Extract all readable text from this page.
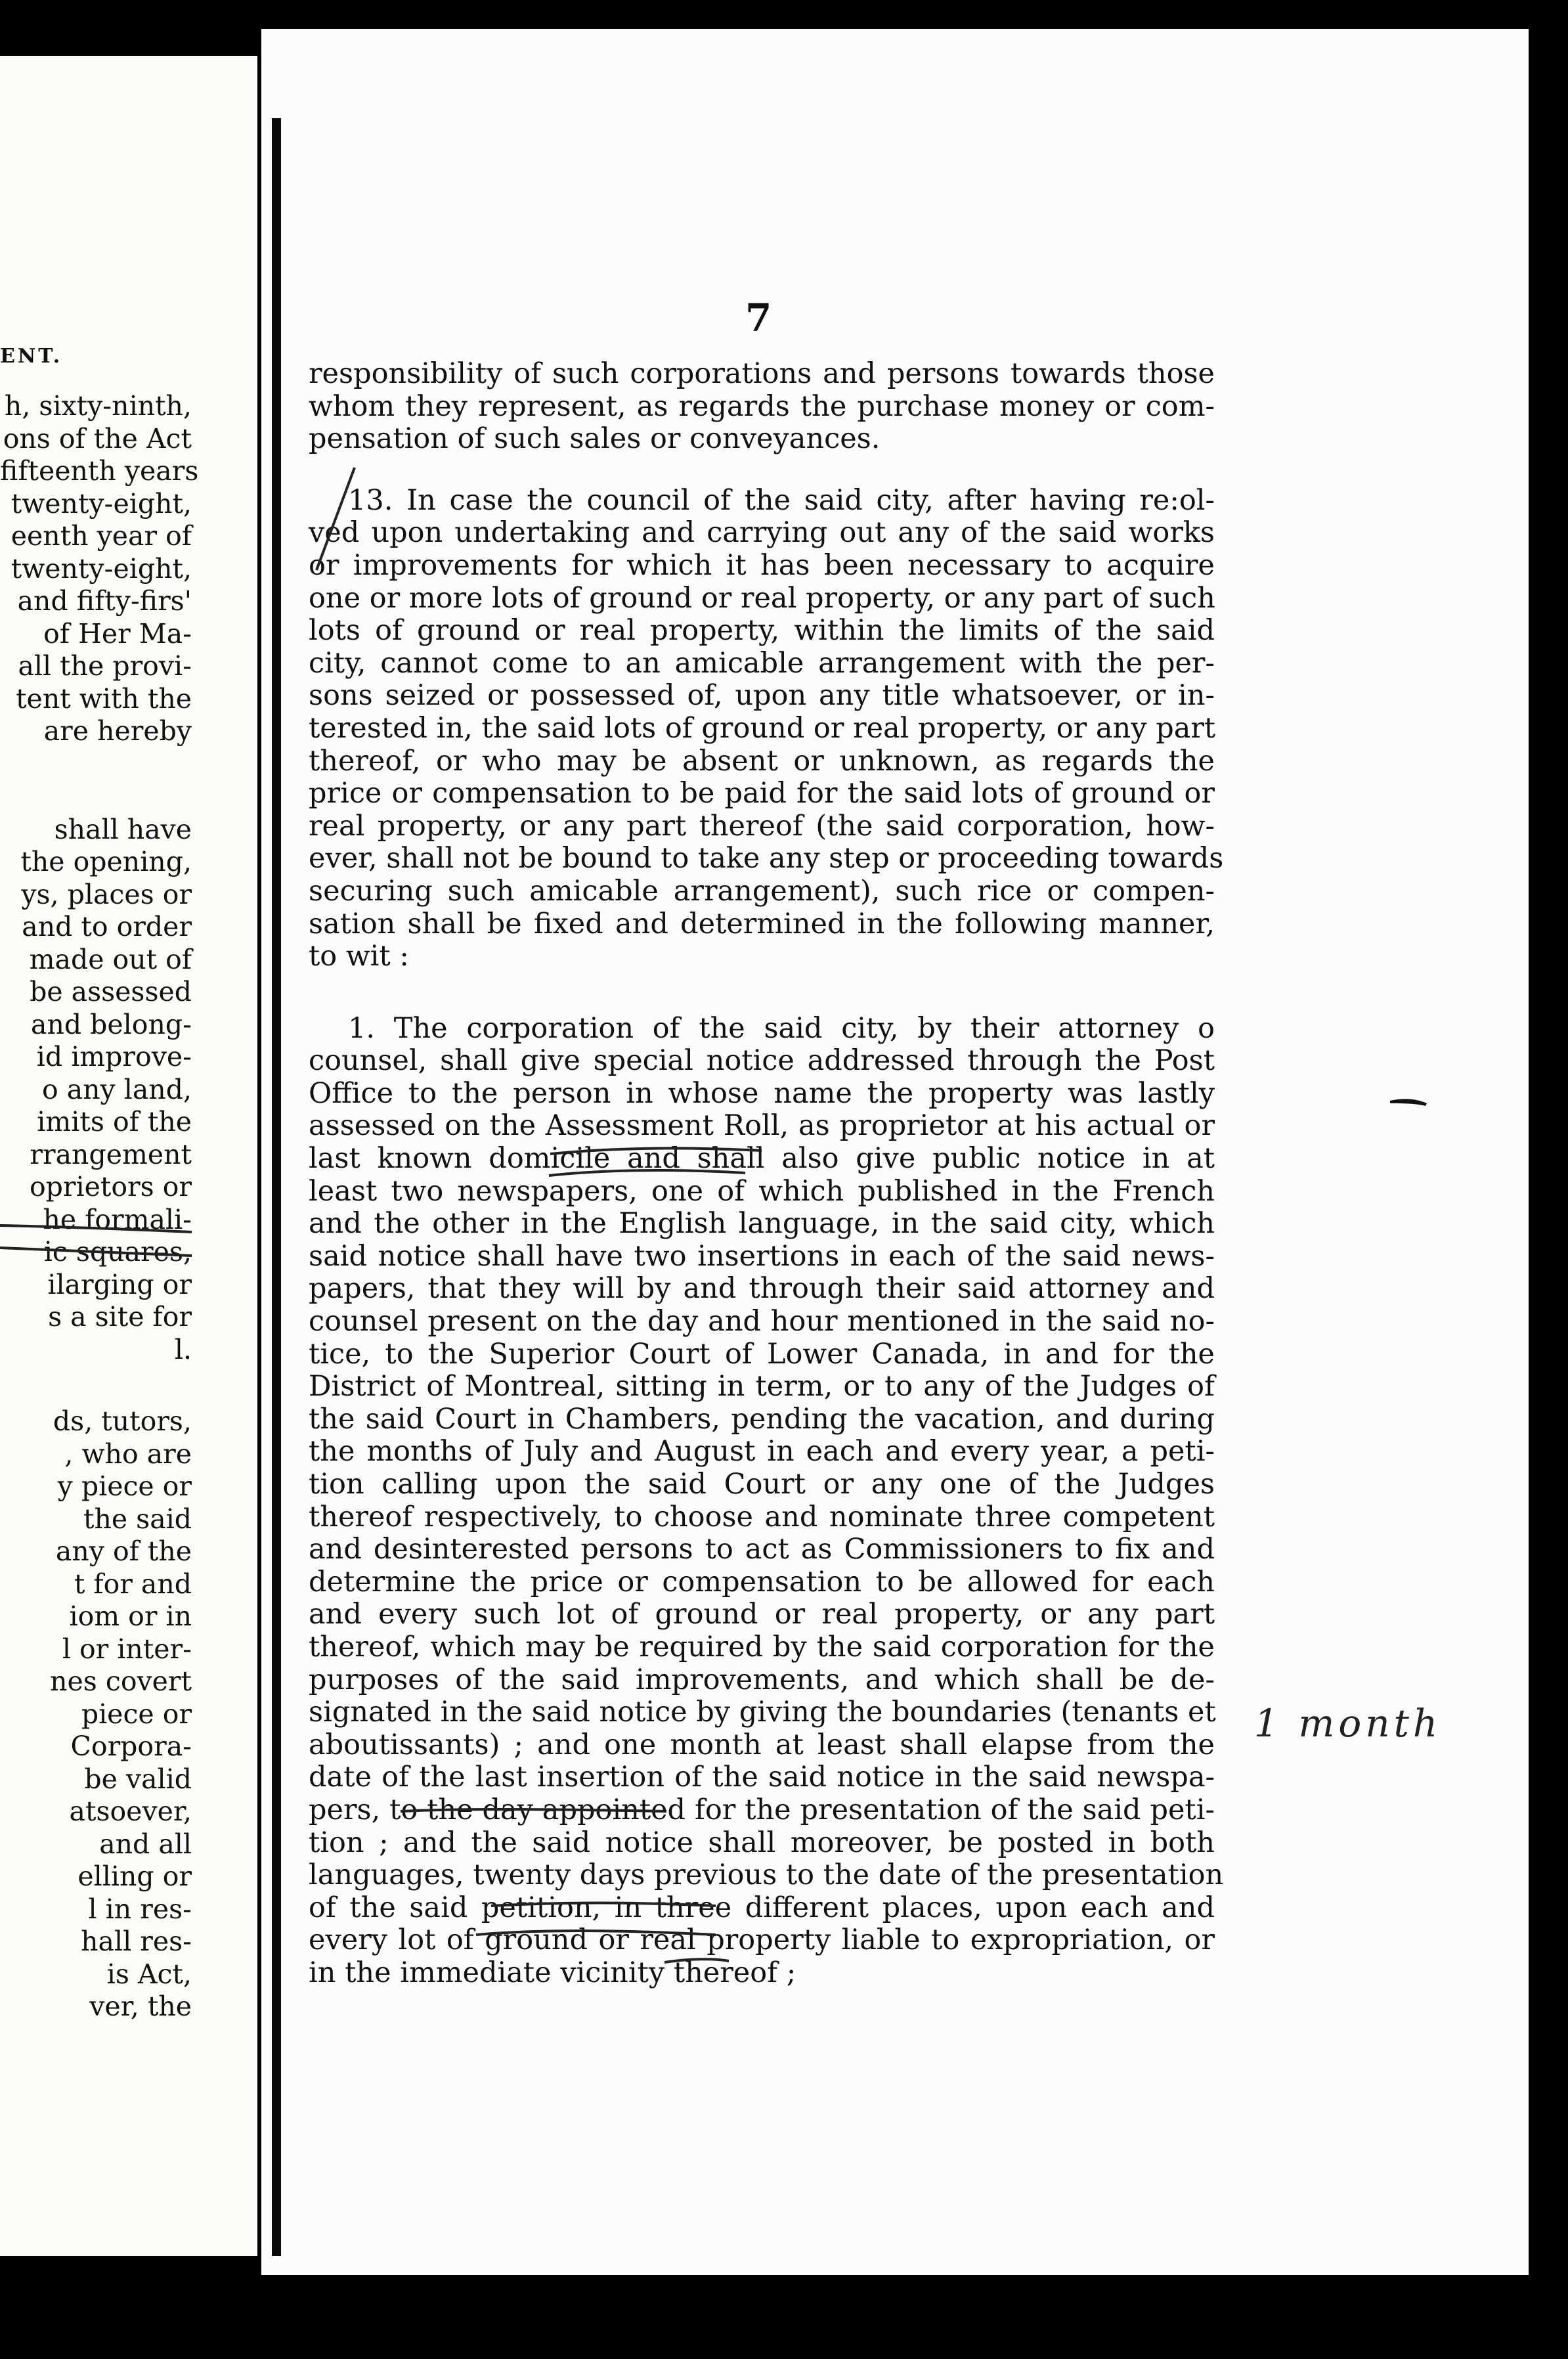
ENT.
h, sixty-ninth,
ons of the Act
fifteenth years
twenty-eight,
eenth year of
twenty-eight,
and fifty-firs'
of Her Ma-
all the provi-
tent with the
are hereby
shall have
the opening,
ys, places or
and to order
made out of
be assessed
and belong-
id improve-
o any land,
imits of the
rrangement
oprietors or
he formali-
ic squares,
ilarging or
s a site for
l.
ds, tutors,
, who are
y piece or
the said
any of the
t for and
iom or in
l or inter-
nes covert
piece or
Corpora-
be valid
atsoever,
and all
elling or
l in res-
hall res-
is Act,
ver, the
7
responsibility of such corporations and persons towards those
whom they represent, as regards the purchase money or com-
pensation of such sales or conveyances.
13. In case the council of the said city, after having re:ol-
ved upon undertaking and carrying out any of the said works
or improvements for which it has been necessary to acquire
one or more lots of ground or real property, or any part of such
lots of ground or real property, within the limits of the said
city, cannot come to an amicable arrangement with the per-
sons seized or possessed of, upon any title whatsoever, or in-
terested in, the said lots of ground or real property, or any part
thereof, or who may be absent or unknown, as regards the
price or compensation to be paid for the said lots of ground or
real property, or any part thereof (the said corporation, how-
ever, shall not be bound to take any step or proceeding towards
securing such amicable arrangement), such rice or compen-
sation shall be fixed and determined in the following manner,
to wit :
1. The corporation of the said city, by their attorney o
counsel, shall give special notice addressed through the Post
Office to the person in whose name the property was lastly
assessed on the Assessment Roll, as proprietor at his actual or
last known domicile and shall also give public notice in at
least two newspapers, one of which published in the French
and the other in the English language, in the said city, which
said notice shall have two insertions in each of the said news-
papers, that they will by and through their said attorney and
counsel present on the day and hour mentioned in the said no-
tice, to the Superior Court of Lower Canada, in and for the
District of Montreal, sitting in term, or to any of the Judges of
the said Court in Chambers, pending the vacation, and during
the months of July and August in each and every year, a peti-
tion calling upon the said Court or any one of the Judges
thereof respectively, to choose and nominate three competent
and desinterested persons to act as Commissioners to fix and
determine the price or compensation to be allowed for each
and every such lot of ground or real property, or any part
thereof, which may be required by the said corporation for the
purposes of the said improvements, and which shall be de-
signated in the said notice by giving the boundaries (tenants et
aboutissants) ; and one month at least shall elapse from the
date of the last insertion of the said notice in the said newspa-
pers, to the day appointed for the presentation of the said peti-
tion ; and the said notice shall moreover, be posted in both
languages, twenty days previous to the date of the presentation
of the said petition, in three different places, upon each and
every lot of ground or real property liable to expropriation, or
in the immediate vicinity thereof ;
1 month
